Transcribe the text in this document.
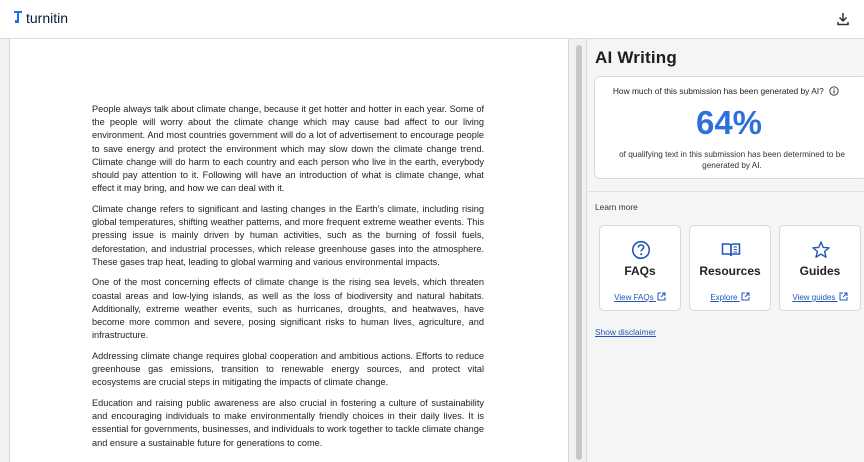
turnitin

People always talk about climate change, because it get hotter and hotter in each year. Some of the people will worry about the climate change which may cause bad affect to our living environment. And most countries government will do a lot of advertisement to encourage people to save energy and protect the environment which may slow down the climate change trend. Climate change will do harm to each country and each person who live in the earth, everybody should pay attention to it. Following will have an introduction of what is climate change, what effect it may bring, and how we can deal with it.

Climate change refers to significant and lasting changes in the Earth's climate, including rising global temperatures, shifting weather patterns, and more frequent extreme weather events. This pressing issue is mainly driven by human activities, such as the burning of fossil fuels, deforestation, and industrial processes, which release greenhouse gases into the atmosphere. These gases trap heat, leading to global warming and various environmental impacts.

One of the most concerning effects of climate change is the rising sea levels, which threaten coastal areas and low-lying islands, as well as the loss of biodiversity and natural habitats. Additionally, extreme weather events, such as hurricanes, droughts, and heatwaves, have become more common and severe, posing significant risks to human lives, agriculture, and infrastructure.

Addressing climate change requires global cooperation and ambitious actions. Efforts to reduce greenhouse gas emissions, transition to renewable energy sources, and protect vital ecosystems are crucial steps in mitigating the impacts of climate change.

Education and raising public awareness are also crucial in fostering a culture of sustainability and encouraging individuals to make environmentally friendly choices in their daily lives. It is essential for governments, businesses, and individuals to work together to tackle climate change and ensure a sustainable future for generations to come.

AI Writing
How much of this submission has been generated by AI?
64%
of qualifying text in this submission has been determined to be generated by AI.
Learn more
FAQs
View FAQs
Resources
Explore
Guides
View guides
Show disclaimer
